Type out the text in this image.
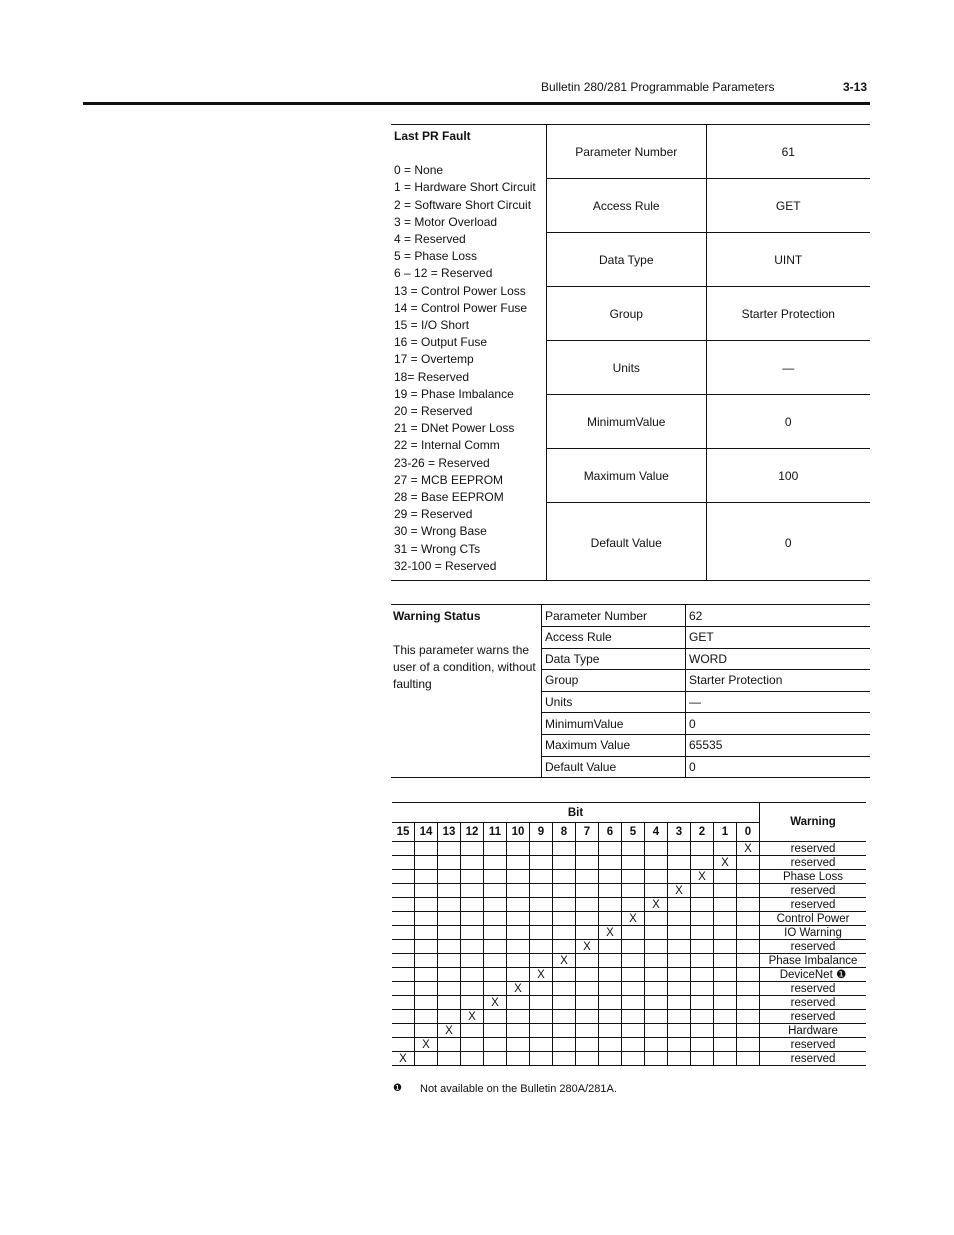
Bulletin 280/281 Programmable Parameters	3-13
Last PR Fault
0 = None
1 = Hardware Short Circuit
2 = Software Short Circuit
3 = Motor Overload
4 = Reserved
5 = Phase Loss
6 – 12 = Reserved
13 = Control Power Loss
14 = Control Power Fuse
15 = I/O Short
16 = Output Fuse
17 = Overtemp
18= Reserved
19 = Phase Imbalance
20 = Reserved
21 = DNet Power Loss
22 = Internal Comm
23-26 = Reserved
27 = MCB EEPROM
28 = Base EEPROM
29 = Reserved
30 = Wrong Base
31 = Wrong CTs
32-100 = Reserved
Parameter Number	61
Access Rule	GET
Data Type	UINT
Group	Starter Protection
Units	—
MinimumValue	0
Maximum Value	100
Default Value	0
Warning Status
This parameter warns the user of a condition, without faulting
Parameter Number	62
Access Rule	GET
Data Type	WORD
Group	Starter Protection
Units	—
MinimumValue	0
Maximum Value	65535
Default Value	0
Bit																Warning
15	14	13	12	11	10	9	8	7	6	5	4	3	2	1	0	
															X	reserved
														X		reserved
													X			Phase Loss
												X				reserved
											X					reserved
										X						Control Power
									X							IO Warning
								X								reserved
							X									Phase Imbalance
						X										DeviceNet ❶
					X											reserved
				X												reserved
			X													reserved
		X														Hardware
	X															reserved
X																reserved
❶ Not available on the Bulletin 280A/281A.
